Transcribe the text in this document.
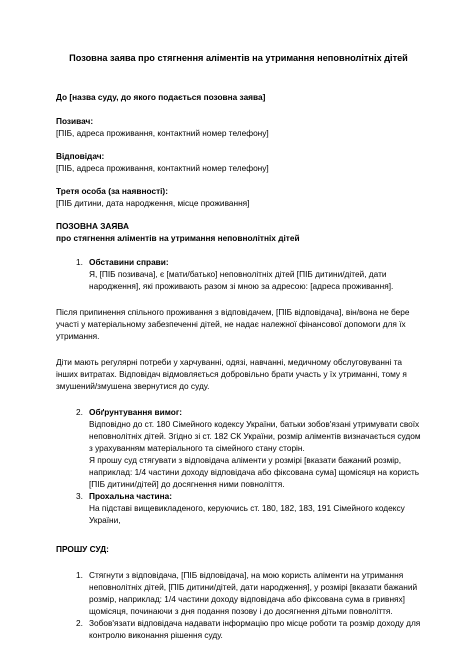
Позовна заява про стягнення аліментів на утримання неповнолітніх дітей

До [назва суду, до якого подається позовна заява]

Позивач:

[ПІБ, адреса проживання, контактний номер телефону]

Відповідач:

[ПІБ, адреса проживання, контактний номер телефону]

Третя особа (за наявності):

[ПІБ дитини, дата народження, місце проживання]

ПОЗОВНА ЗАЯВА

про стягнення аліментів на утримання неповнолітніх дітей

1. Обставини справи:

Я, [ПІБ позивача], є [мати/батько] неповнолітніх дітей [ПІБ дитини/дітей, дати народження], які проживають разом зі мною за адресою: [адреса проживання].

Після припинення спільного проживання з відповідачем, [ПІБ відповідача], він/вона не бере участі у матеріальному забезпеченні дітей, не надає належної фінансової допомоги для їх утримання.

Діти мають регулярні потреби у харчуванні, одязі, навчанні, медичному обслуговуванні та інших витратах. Відповідач відмовляється добровільно брати участь у їх утриманні, тому я змушений/змушена звернутися до суду.

2. Обґрунтування вимог:

Відповідно до ст. 180 Сімейного кодексу України, батьки зобов'язані утримувати своїх неповнолітніх дітей. Згідно зі ст. 182 СК України, розмір аліментів визначається судом з урахуванням матеріального та сімейного стану сторін.

Я прошу суд стягувати з відповідача аліменти у розмірі [вказати бажаний розмір, наприклад: 1/4 частини доходу відповідача або фіксована сума] щомісяця на користь [ПІБ дитини/дітей] до досягнення ними повноліття.

3. Прохальна частина:

На підставі вищевикладеного, керуючись ст. 180, 182, 183, 191 Сімейного кодексу України,

ПРОШУ СУД:

1. Стягнути з відповідача, [ПІБ відповідача], на мою користь аліменти на утримання неповнолітніх дітей, [ПІБ дитини/дітей, дати народження], у розмірі [вказати бажаний розмір, наприклад: 1/4 частини доходу відповідача або фіксована сума в гривнях] щомісяця, починаючи з дня подання позову і до досягнення дітьми повноліття.

2. Зобов'язати відповідача надавати інформацію про місце роботи та розмір доходу для контролю виконання рішення суду.
